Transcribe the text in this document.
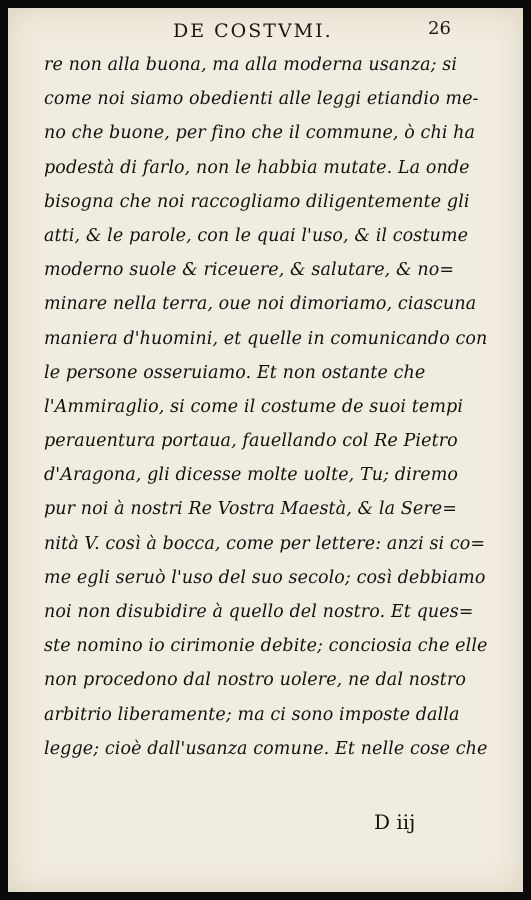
DE COSTVMI.	26
re non alla buona, ma alla moderna usanza; si
come noi siamo obedienti alle leggi etiandio me-
no che buone, per fino che il commune, ò chi ha
podestà di farlo, non le habbia mutate. La onde
bisogna che noi raccogliamo diligentemente gli
atti, & le parole, con le quai l'uso, & il costume
moderno suole & riceuere, & salutare, & no=
minare nella terra, oue noi dimoriamo, ciascuna
maniera d'huomini, et quelle in comunicando con
le persone osseruiamo. Et non ostante che
l'Ammiraglio, si come il costume de suoi tempi
perauentura portaua, fauellando col Re Pietro
d'Aragona, gli dicesse molte uolte, Tu; diremo
pur noi à nostri Re Vostra Maestà, & la Sere=
nità V. così à bocca, come per lettere: anzi si co=
me egli seruò l'uso del suo secolo; così debbiamo
noi non disubidire à quello del nostro. Et ques=
ste nomino io cirimonie debite; conciosia che elle
non procedono dal nostro uolere, ne dal nostro
arbitrio liberamente; ma ci sono imposte dalla
legge; cioè dall'usanza comune. Et nelle cose che
D iij
